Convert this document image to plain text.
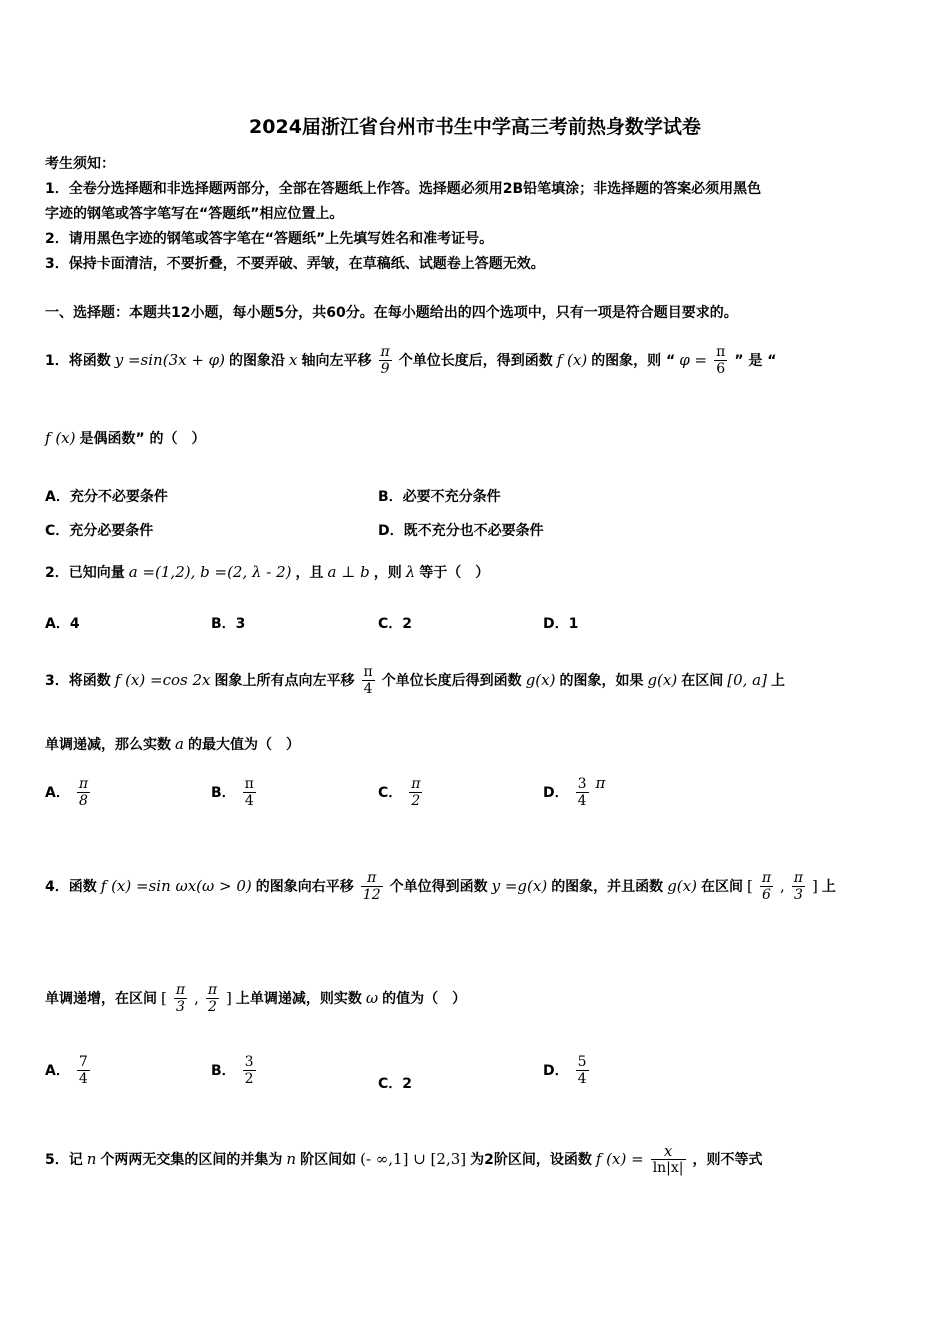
2024届浙江省台州市书生中学高三考前热身数学试卷
考生须知：
1．全卷分选择题和非选择题两部分，全部在答题纸上作答。选择题必须用2B铅笔填涂；非选择题的答案必须用黑色
字迹的钢笔或答字笔写在“答题纸”相应位置上。
2．请用黑色字迹的钢笔或答字笔在“答题纸”上先填写姓名和准考证号。
3．保持卡面清洁，不要折叠，不要弄破、弄皱，在草稿纸、试题卷上答题无效。
一、选择题：本题共12小题，每小题5分，共60分。在每小题给出的四个选项中，只有一项是符合题目要求的。
1．将函数 y =sin(3x + φ) 的图象沿 x 轴向左平移 $\frac{\pi}{9}$ 个单位长度后，得到函数 f (x) 的图象，则 “ $\varphi = \frac{\pi}{6}$ ” 是 “
f (x) 是偶函数” 的（　）
A．充分不必要条件	B．必要不充分条件
C．充分必要条件	D．既不充分也不必要条件
2．已知向量 a =(1,2), b =(2, λ - 2) ，且 a ⊥ b ，则 λ 等于（　）
A．4	B．3	C．2	D．1
3．将函数 f (x) =cos 2x 图象上所有点向左平移 $\frac{\pi}{4}$ 个单位长度后得到函数 g(x) 的图象，如果 g(x) 在区间 [0, a] 上
单调递减，那么实数 a 的最大值为（　）
A． $\frac{\pi}{8}$	B． $\frac{\pi}{4}$	C． $\frac{\pi}{2}$	D． $\frac{3}{4}$ π
4．函数 f (x) =sin ωx(ω > 0) 的图象向右平移 $\frac{\pi}{12}$ 个单位得到函数 y =g(x) 的图象，并且函数 g(x) 在区间 [ $\frac{\pi}{6}$ , $\frac{\pi}{3}$ ] 上
单调递增，在区间 [ $\frac{\pi}{3}$ , $\frac{\pi}{2}$ ] 上单调递减，则实数 ω 的值为（　）
A． $\frac{7}{4}$	B． $\frac{3}{2}$	C．2
D． $\frac{5}{4}$
5．记 n 个两两无交集的区间的并集为 n 阶区间如 (- ∞,1] ∪ [2,3] 为2阶区间，设函数 f $(x) = \frac{x}{\ln|x|}$ ，则不等式
